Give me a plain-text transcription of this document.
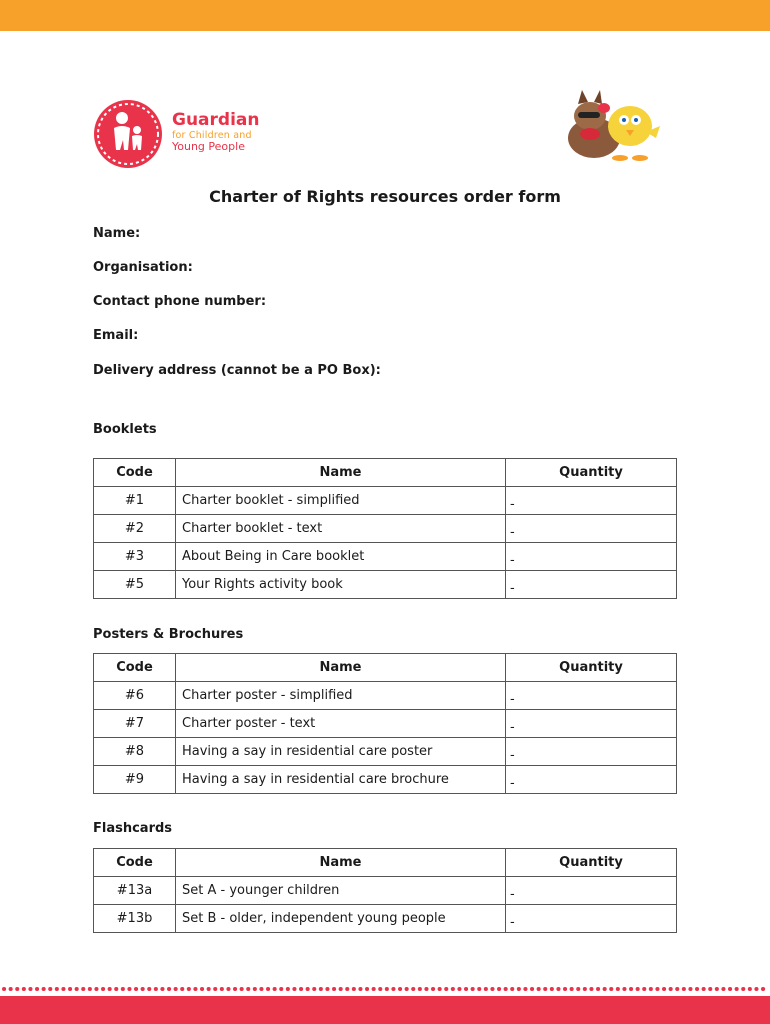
Guardian
for Children and
Young People
Charter of Rights resources order form
Name:
Organisation:
Contact phone number:
Email:
Delivery address (cannot be a PO Box):
Booklets
Code	Name	Quantity
#1	Charter booklet - simplified	-
#2	Charter booklet - text	-
#3	About Being in Care booklet	-
#5	Your Rights activity book	-
Posters & Brochures
Code	Name	Quantity
#6	Charter poster - simplified	-
#7	Charter poster - text	-
#8	Having a say in residential care poster	-
#9	Having a say in residential care brochure	-
Flashcards
Code	Name	Quantity
#13a	Set A - younger children	-
#13b	Set B - older, independent young people	-
